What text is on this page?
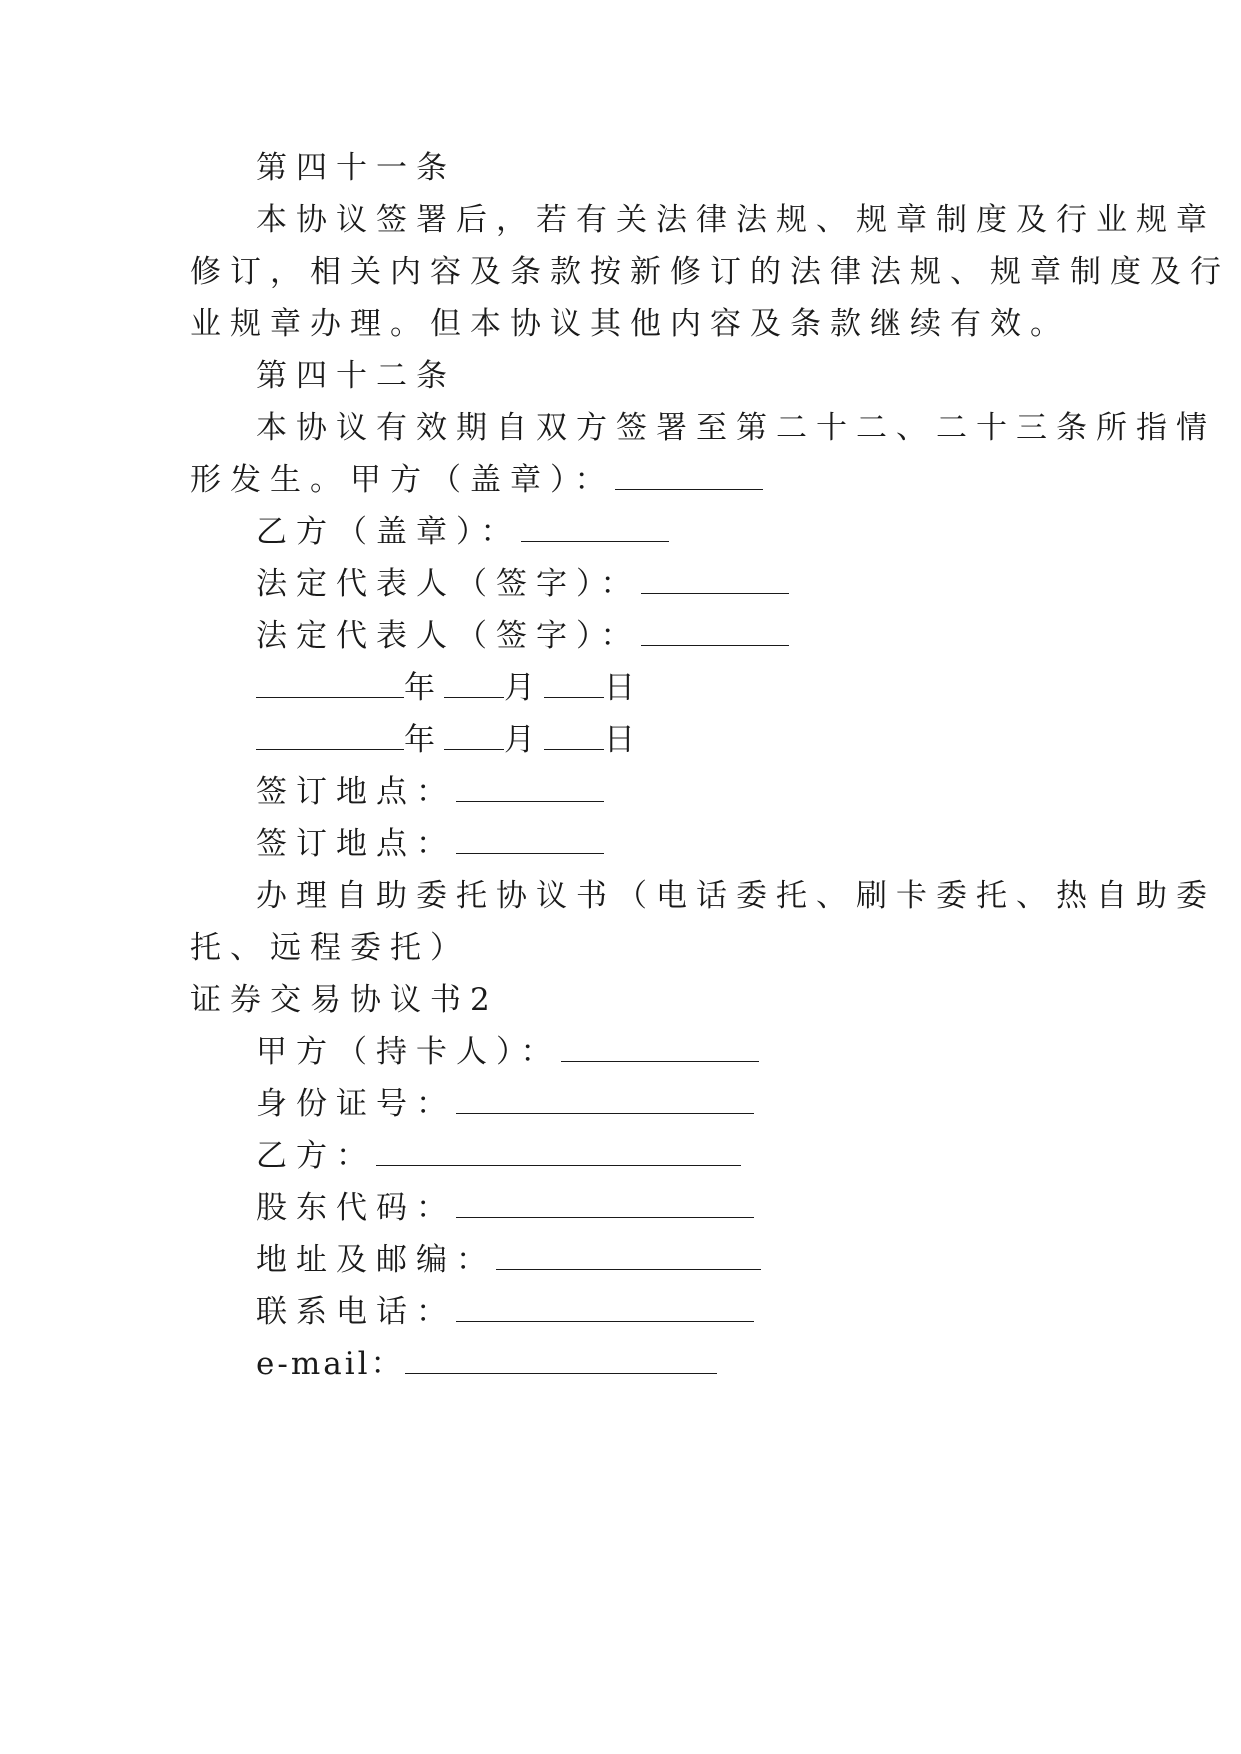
第四十一条
本协议签署后，若有关法律法规、规章制度及行业规章
修订，相关内容及条款按新修订的法律法规、规章制度及行
业规章办理。但本协议其他内容及条款继续有效。
第四十二条
本协议有效期自双方签署至第二十二、二十三条所指情
形发生。甲方（盖章）：
乙方（盖章）：
法定代表人（签字）：
法定代表人（签字）：
年 月 日
年 月 日
签订地点：
签订地点：
办理自助委托协议书（电话委托、刷卡委托、热自助委
托、远程委托）
证券交易协议书2
甲方（持卡人）：
身份证号：
乙方：
股东代码：
地址及邮编：
联系电话：
e-mail：
